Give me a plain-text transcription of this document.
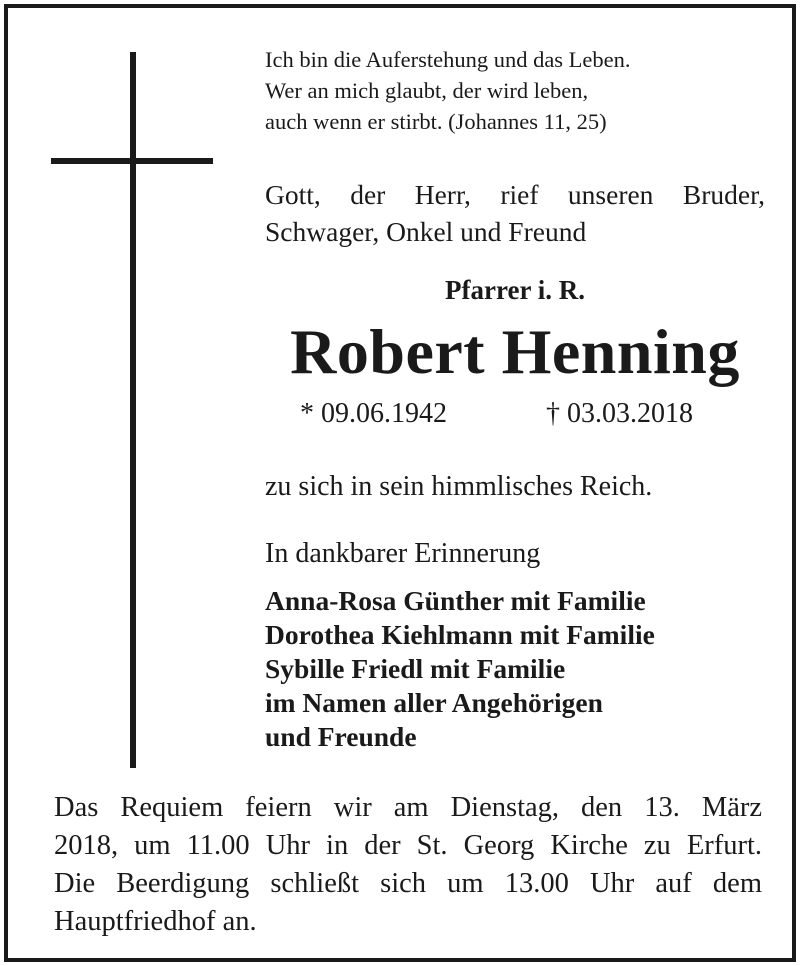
Ich bin die Auferstehung und das Leben.
Wer an mich glaubt, der wird leben,
auch wenn er stirbt. (Johannes 11, 25)
Gott, der Herr, rief unseren Bruder,
Schwager, Onkel und Freund
Pfarrer i. R.
Robert Henning
* 09.06.1942	† 03.03.2018
zu sich in sein himmlisches Reich.
In dankbarer Erinnerung
Anna-Rosa Günther mit Familie
Dorothea Kiehlmann mit Familie
Sybille Friedl mit Familie
im Namen aller Angehörigen
und Freunde
Das Requiem feiern wir am Dienstag, den 13. März
2018, um 11.00 Uhr in der St. Georg Kirche zu Erfurt.
Die Beerdigung schließt sich um 13.00 Uhr auf dem
Hauptfriedhof an.
